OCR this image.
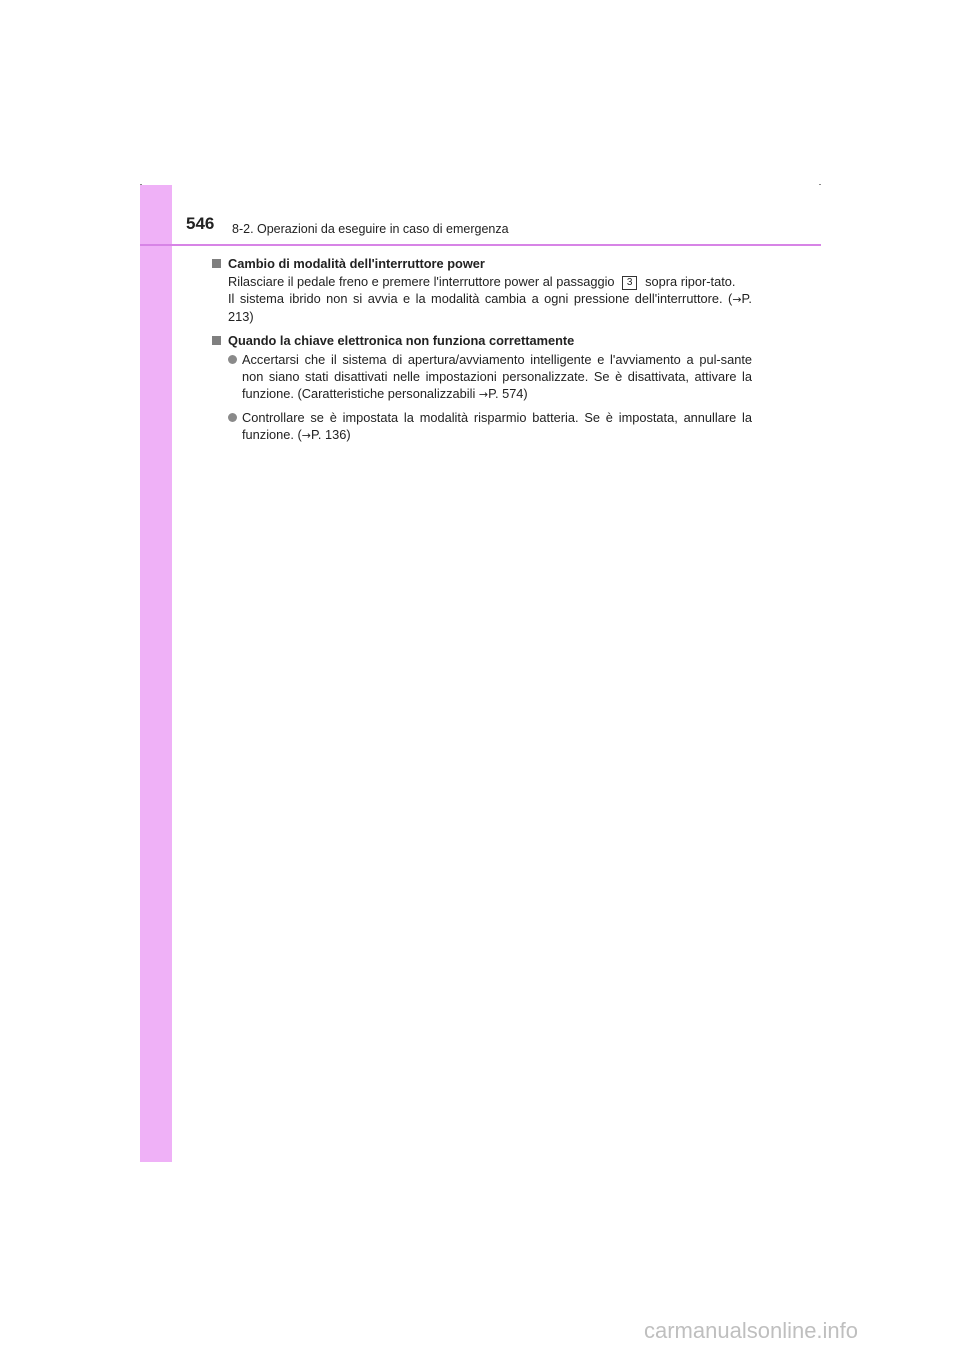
546 8-2. Operazioni da eseguire in caso di emergenza

Cambio di modalità dell'interruttore power

Rilasciare il pedale freno e premere l'interruttore power al passaggio 3 sopra ripor-tato.

Il sistema ibrido non si avvia e la modalità cambia a ogni pressione dell'interruttore. (→P. 213)

Quando la chiave elettronica non funziona correttamente

Accertarsi che il sistema di apertura/avviamento intelligente e l'avviamento a pul-sante non siano stati disattivati nelle impostazioni personalizzate. Se è disattivata, attivare la funzione. (Caratteristiche personalizzabili →P. 574)
Controllare se è impostata la modalità risparmio batteria. Se è impostata, annullare la funzione. (→P. 136)
carmanualsonline.info
